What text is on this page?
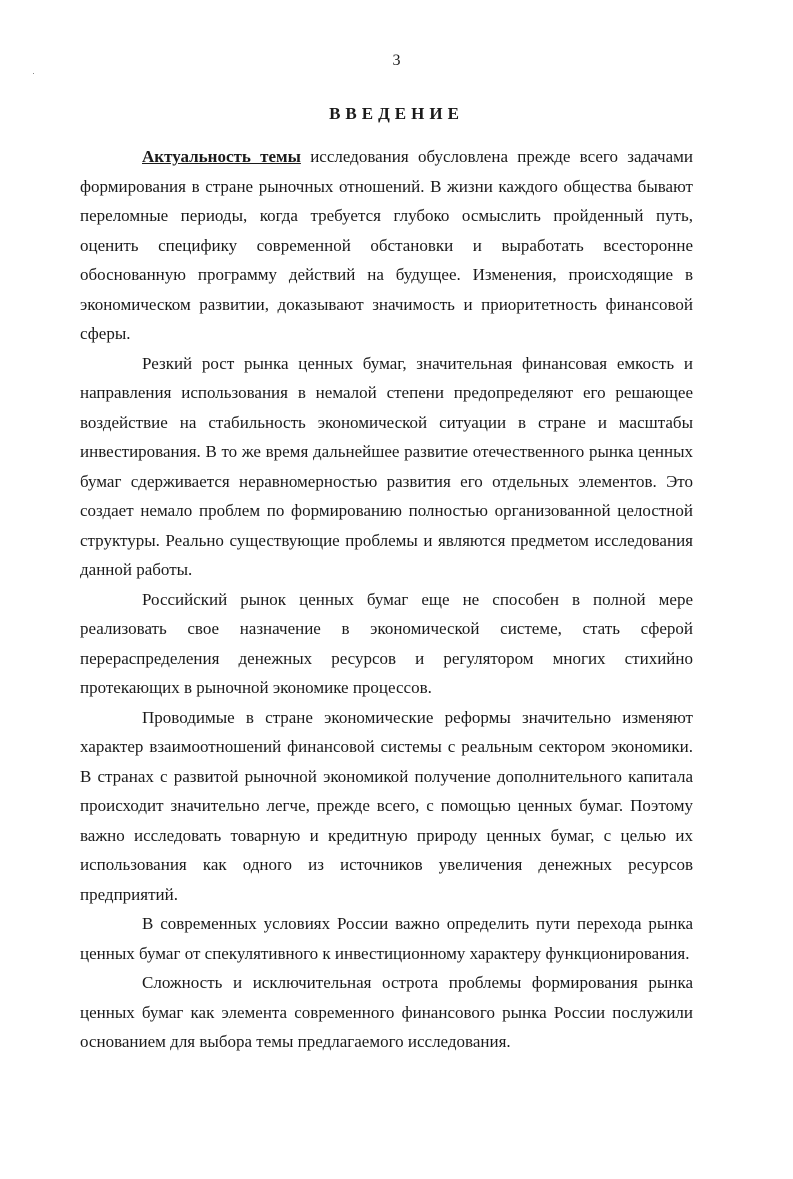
3
ВВЕДЕНИЕ

Актуальность темы исследования обусловлена прежде всего задачами формирования в стране рыночных отношений. В жизни каждого общества бывают переломные периоды, когда требуется глубоко осмыслить пройденный путь, оценить специфику современной обстановки и выработать всесторонне обоснованную программу действий на будущее. Изменения, происходящие в экономическом развитии, доказывают значимость и приоритетность финансовой сферы.

Резкий рост рынка ценных бумаг, значительная финансовая емкость и направления использования в немалой степени предопределяют его решающее воздействие на стабильность экономической ситуации в стране и масштабы инвестирования. В то же время дальнейшее развитие отечественного рынка ценных бумаг сдерживается неравномерностью развития его отдельных элементов. Это создает немало проблем по формированию полностью организованной целостной структуры. Реально существующие проблемы и являются предметом исследования данной работы.

Российский рынок ценных бумаг еще не способен в полной мере реализовать свое назначение в экономической системе, стать сферой перераспределения денежных ресурсов и регулятором многих стихийно протекающих в рыночной экономике процессов.

Проводимые в стране экономические реформы значительно изменяют характер взаимоотношений финансовой системы с реальным сектором экономики. В странах с развитой рыночной экономикой получение дополнительного капитала происходит значительно легче, прежде всего, с помощью ценных бумаг. Поэтому важно исследовать товарную и кредитную природу ценных бумаг, с целью их использования как одного из источников увеличения денежных ресурсов предприятий.

В современных условиях России важно определить пути перехода рынка ценных бумаг от спекулятивного к инвестиционному характеру функционирования.

Сложность и исключительная острота проблемы формирования рынка ценных бумаг как элемента современного финансового рынка России послужили основанием для выбора темы предлагаемого исследования.
